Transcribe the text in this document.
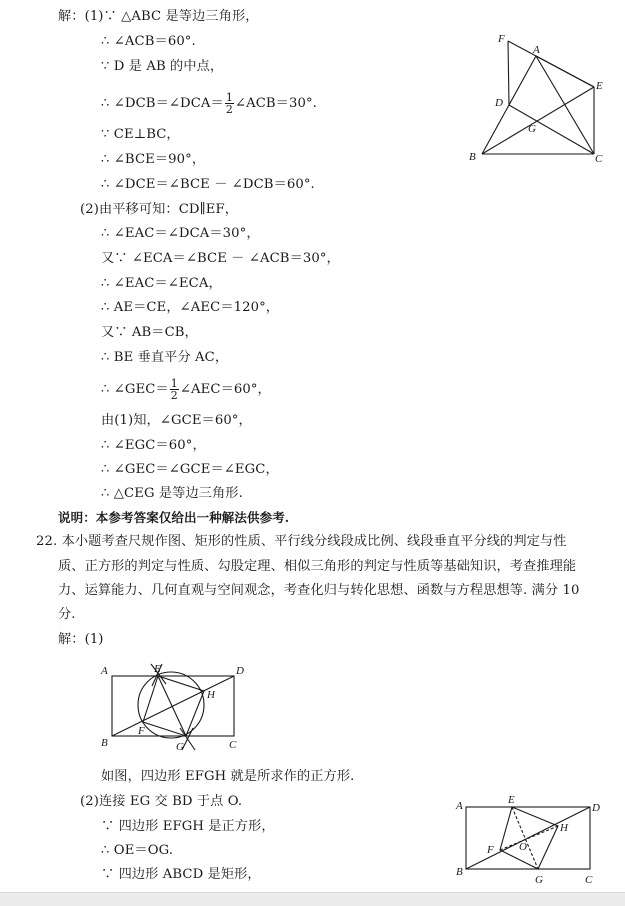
解：(1)∵ △ABC 是等边三角形，
∴ ∠ACB＝60°.
∵ D 是 AB 的中点，
∴ ∠DCB＝∠DCA＝ $\frac{1}{2}$ ∠ACB＝30°.
∵ CE⊥BC，
∴ ∠BCE＝90°，
∴ ∠DCE＝∠BCE － ∠DCB＝60°.
(2)由平移可知：CD∥EF，
∴ ∠EAC＝∠DCA＝30°，
又∵ ∠ECA＝∠BCE － ∠ACB＝30°，
∴ ∠EAC＝∠ECA，
∴ AE＝CE，∠AEC＝120°，
又∵ AB＝CB，
∴ BE 垂直平分 AC，
∴ ∠GEC＝ $\frac{1}{2}$ ∠AEC＝60°，
由(1)知，∠GCE＝60°，
∴ ∠EGC＝60°，
∴ ∠GEC＝∠GCE＝∠EGC，
∴ △CEG 是等边三角形.
说明：本参考答案仅给出一种解法供参考.
22. 本小题考查尺规作图、矩形的性质、平行线分线段成比例、线段垂直平分线的判定与性
质、正方形的判定与性质、勾股定理、相似三角形的判定与性质等基础知识，考查推理能
力、运算能力、几何直观与空间观念，考查化归与转化思想、函数与方程思想等. 满分 10
分.
解：(1)
如图，四边形 EFGH 就是所求作的正方形.
(2)连接 EG 交 BD 于点 O.
∵ 四边形 EFGH 是正方形，
∴ OE＝OG.
∵ 四边形 ABCD 是矩形，
F
A
E
D
G
B	C
A	E	D
H
F
B	G	C
A	E
D
H
O
F
B
G	C
